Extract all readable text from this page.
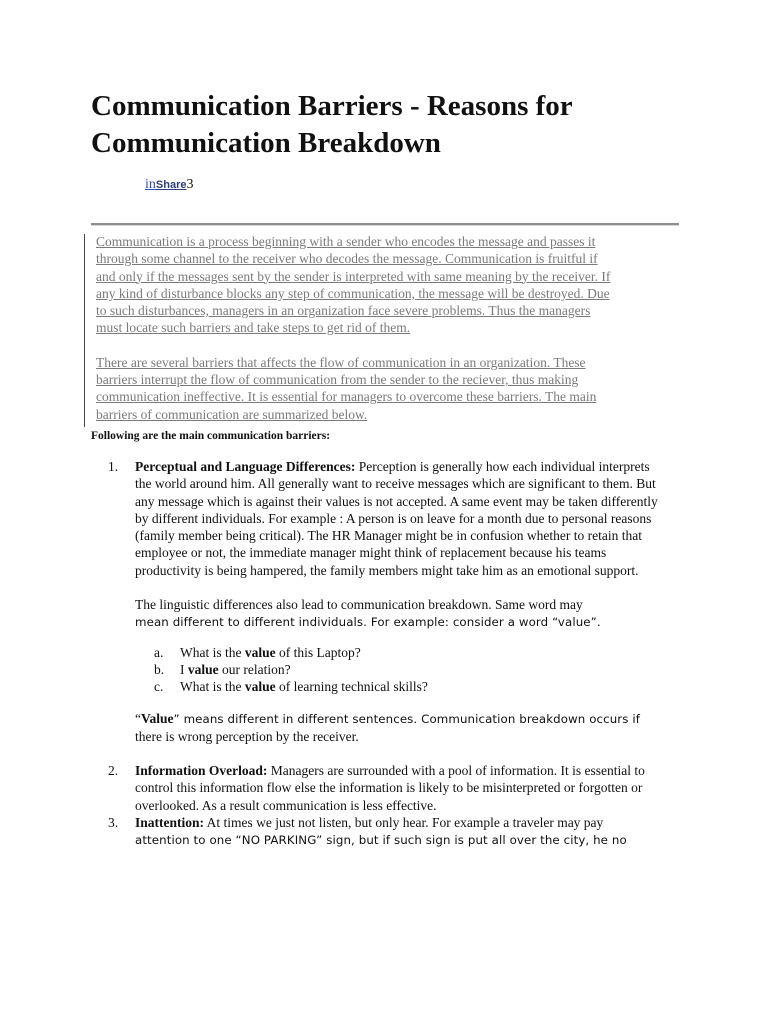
Communication Barriers - Reasons for Communication Breakdown
inShare3

Communication is a process beginning with a sender who encodes the message and passes it
through some channel to the receiver who decodes the message. Communication is fruitful if
and only if the messages sent by the sender is interpreted with same meaning by the receiver. If
any kind of disturbance blocks any step of communication, the message will be destroyed. Due
to such disturbances, managers in an organization face severe problems. Thus the managers
must locate such barriers and take steps to get rid of them.

There are several barriers that affects the flow of communication in an organization. These
barriers interrupt the flow of communication from the sender to the reciever, thus making
communication ineffective. It is essential for managers to overcome these barriers. The main
barriers of communication are summarized below.

Following are the main communication barriers:
1. Perceptual and Language Differences: Perception is generally how each individual interprets the world around him. All generally want to receive messages which are significant to them. But any message which is against their values is not accepted. A same event may be taken differently by different individuals. For example : A person is on leave for a month due to personal reasons (family member being critical). The HR Manager might be in confusion whether to retain that employee or not, the immediate manager might think of replacement because his teams productivity is being hampered, the family members might take him as an emotional support.

The linguistic differences also lead to communication breakdown. Same word may
mean different to different individuals. For example: consider a word “value”.

a. What is the value of this Laptop?
b. I value our relation?
c. What is the value of learning technical skills?

“Value” means different in different sentences. Communication breakdown occurs if
there is wrong perception by the receiver.

2. Information Overload: Managers are surrounded with a pool of information. It is essential to control this information flow else the information is likely to be misinterpreted or forgotten or overlooked. As a result communication is less effective.

3. Inattention: At times we just not listen, but only hear. For example a traveler may pay
attention to one “NO PARKING” sign, but if such sign is put all over the city, he no
